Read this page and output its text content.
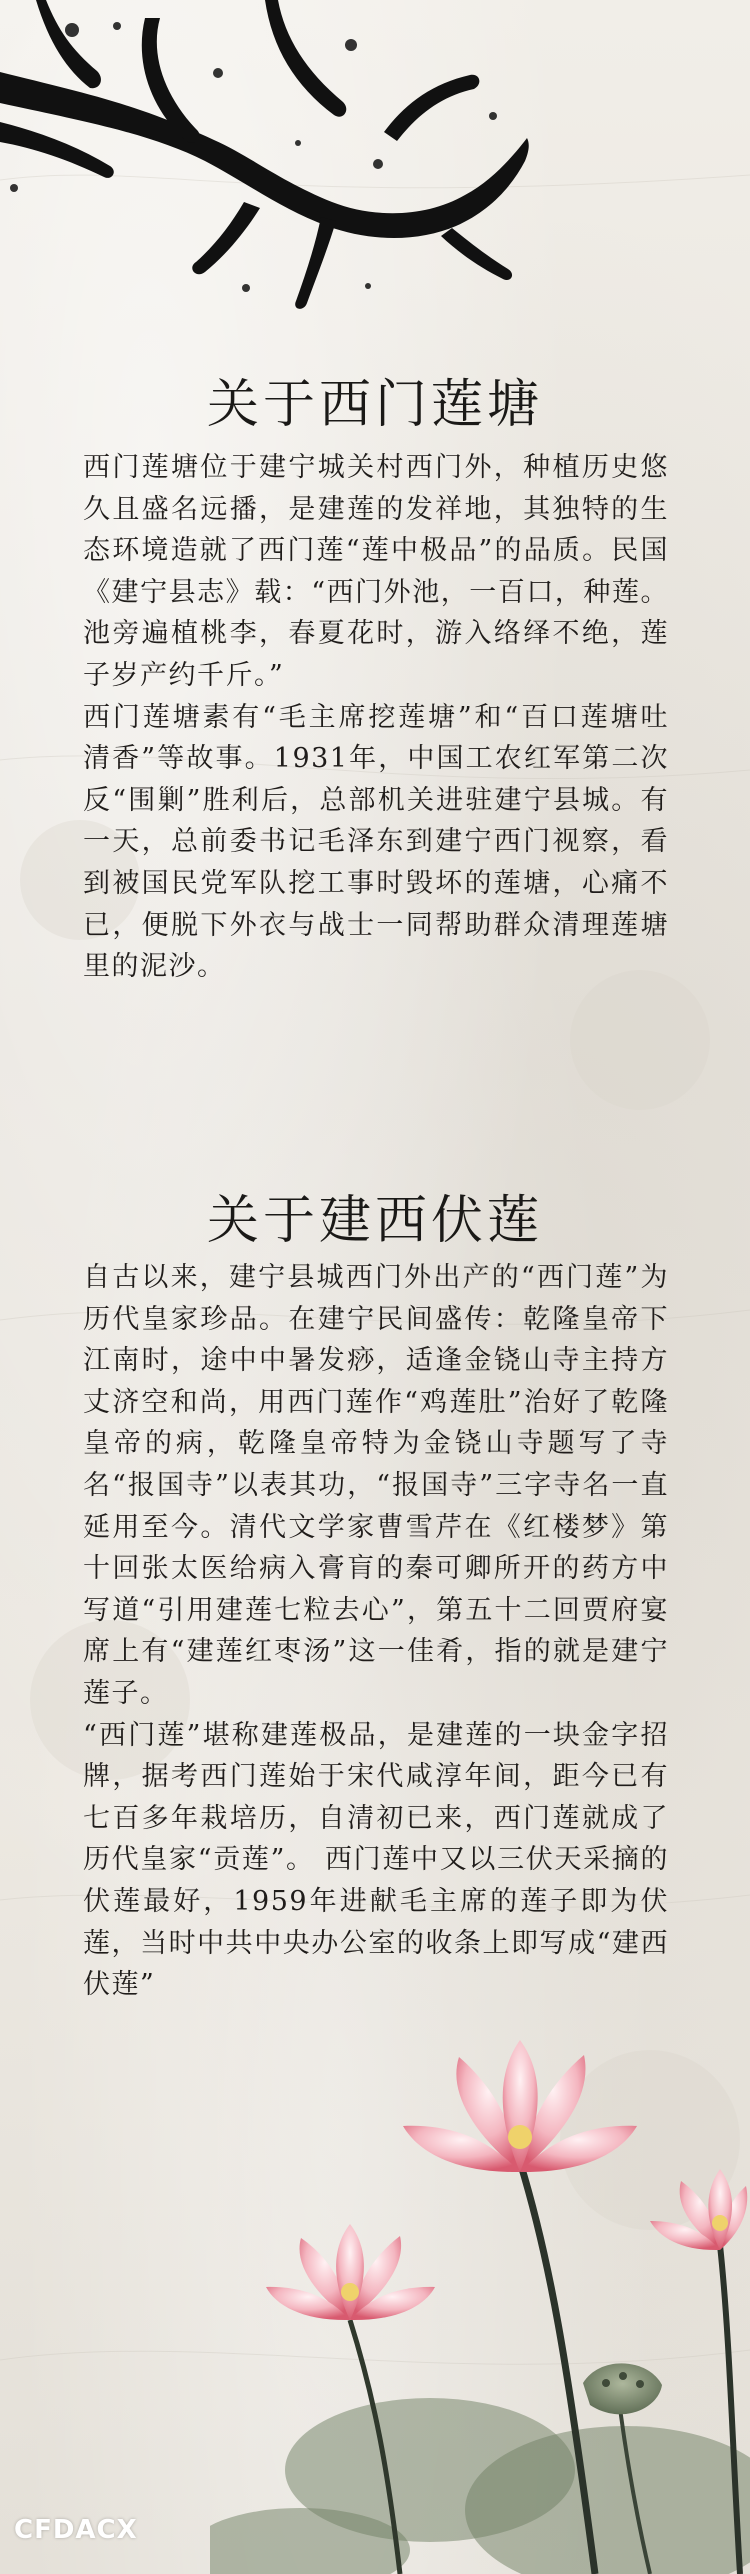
关于西门莲塘

西门莲塘位于建宁城关村西门外，种植历史悠久且盛名远播，是建莲的发祥地，其独特的生态环境造就了西门莲“莲中极品”的品质。民国《建宁县志》载：“西门外池，一百口，种莲。池旁遍植桃李，春夏花时，游入络绎不绝，莲子岁产约千斤。”

西门莲塘素有“毛主席挖莲塘”和“百口莲塘吐清香”等故事。1931年，中国工农红军第二次反“围剿”胜利后，总部机关进驻建宁县城。有一天，总前委书记毛泽东到建宁西门视察，看到被国民党军队挖工事时毁坏的莲塘，心痛不已，便脱下外衣与战士一同帮助群众清理莲塘里的泥沙。

关于建西伏莲

自古以来，建宁县城西门外出产的“西门莲”为历代皇家珍品。在建宁民间盛传：乾隆皇帝下江南时，途中中暑发痧，适逢金铙山寺主持方丈济空和尚，用西门莲作“鸡莲肚”治好了乾隆皇帝的病，乾隆皇帝特为金铙山寺题写了寺名“报国寺”以表其功，“报国寺”三字寺名一直延用至今。清代文学家曹雪芹在《红楼梦》第十回张太医给病入膏肓的秦可卿所开的药方中写道“引用建莲七粒去心”，第五十二回贾府宴席上有“建莲红枣汤”这一佳肴，指的就是建宁莲子。

“西门莲”堪称建莲极品，是建莲的一块金字招牌，据考西门莲始于宋代咸淳年间，距今已有七百多年栽培历，自清初已来，西门莲就成了历代皇家“贡莲”。 西门莲中又以三伏天采摘的伏莲最好，1959年进献毛主席的莲子即为伏莲，当时中共中央办公室的收条上即写成“建西伏莲”

CFDACX
